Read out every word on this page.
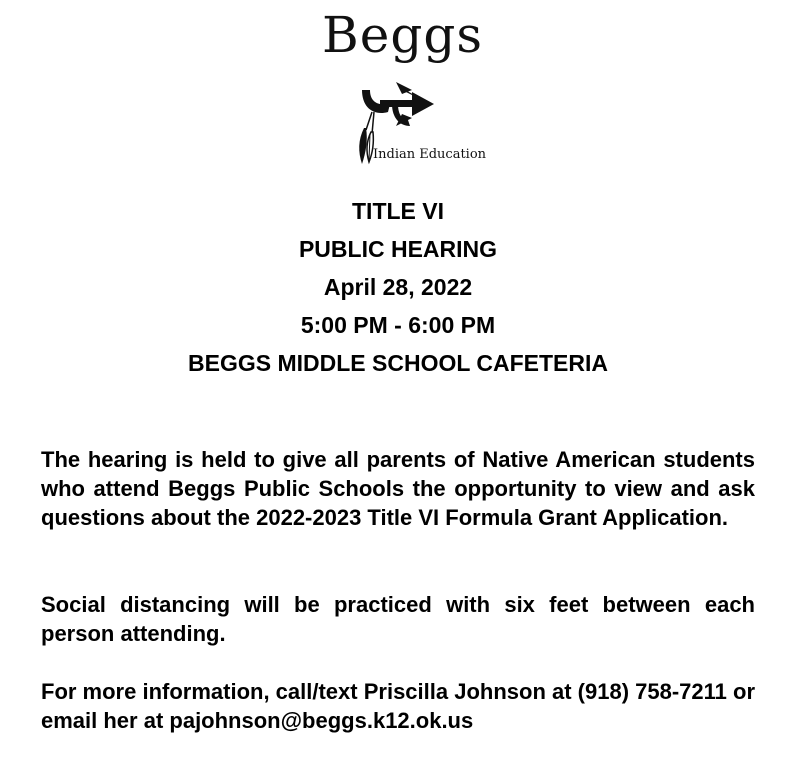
Beggs
Indian Education
TITLE VI
PUBLIC HEARING
April 28, 2022
5:00 PM - 6:00 PM
BEGGS MIDDLE SCHOOL CAFETERIA
The hearing is held to give all parents of Native American students who attend Beggs Public Schools the opportunity to view and ask questions about the 2022-2023 Title VI Formula Grant Application.
Social distancing will be practiced with six feet between each person attending.
For more information, call/text Priscilla Johnson at (918) 758-7211 or email her at pajohnson@beggs.k12.ok.us
